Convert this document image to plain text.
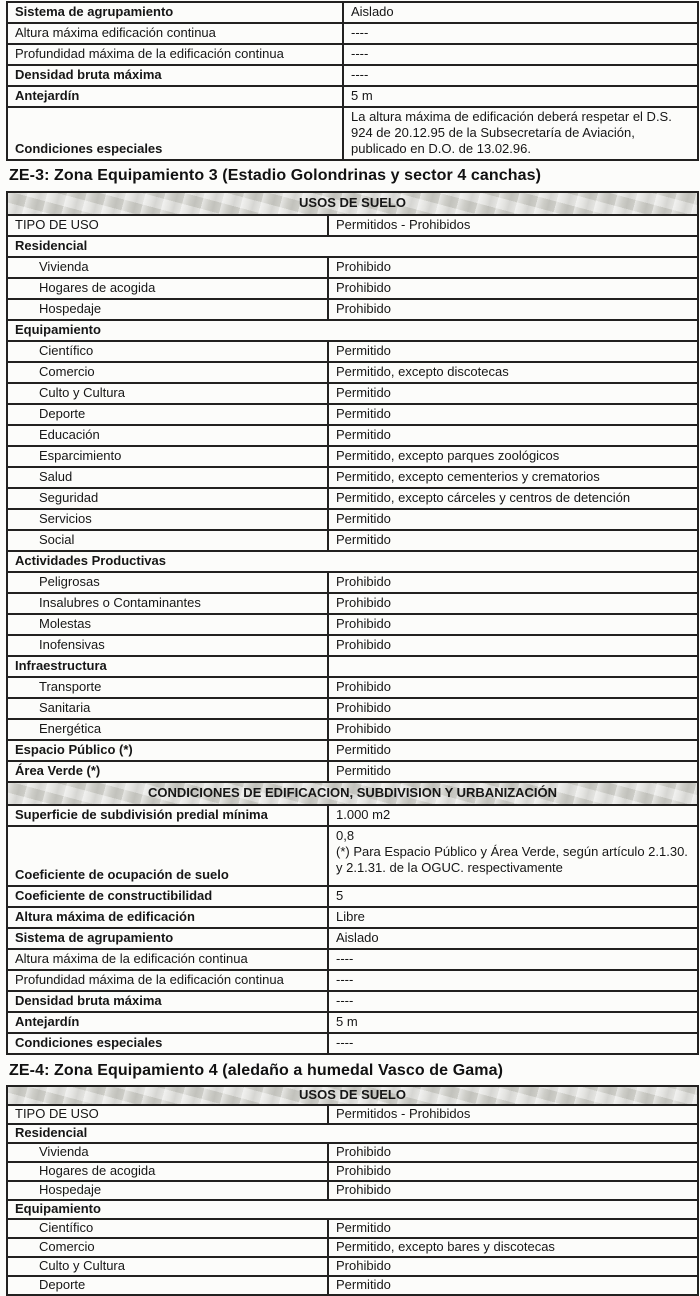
Sistema de agrupamiento	Aislado
Altura máxima edificación continua	----
Profundidad máxima de la edificación continua	----
Densidad bruta máxima	----
Antejardín	5 m
Condiciones especiales	La altura máxima de edificación deberá respetar el D.S. 924 de 20.12.95 de la Subsecretaría de Aviación, publicado en D.O. de 13.02.96.
ZE-3: Zona Equipamiento 3 (Estadio Golondrinas y sector 4 canchas)
USOS DE SUELO	
TIPO DE USO	Permitidos - Prohibidos
Residencial	
Vivienda	Prohibido
Hogares de acogida	Prohibido
Hospedaje	Prohibido
Equipamiento	
Científico	Permitido
Comercio	Permitido, excepto discotecas
Culto y Cultura	Permitido
Deporte	Permitido
Educación	Permitido
Esparcimiento	Permitido, excepto parques zoológicos
Salud	Permitido, excepto cementerios y crematorios
Seguridad	Permitido, excepto cárceles y centros de detención
Servicios	Permitido
Social	Permitido
Actividades Productivas	
Peligrosas	Prohibido
Insalubres o Contaminantes	Prohibido
Molestas	Prohibido
Inofensivas	Prohibido
Infraestructura	
Transporte	Prohibido
Sanitaria	Prohibido
Energética	Prohibido
Espacio Público (*)	Permitido
Área Verde (*)	Permitido
CONDICIONES DE EDIFICACION, SUBDIVISION Y URBANIZACIÓN	
Superficie de subdivisión predial mínima	1.000 m2
Coeficiente de ocupación de suelo	0,8
(*) Para Espacio Público y Área Verde, según artículo 2.1.30. y 2.1.31. de la OGUC. respectivamente

Coeficiente de constructibilidad	5
Altura máxima de edificación	Libre
Sistema de agrupamiento	Aislado
Altura máxima de la edificación continua	----
Profundidad máxima de la edificación continua	----
Densidad bruta máxima	----
Antejardín	5 m
Condiciones especiales	----
ZE-4: Zona Equipamiento 4 (aledaño a humedal Vasco de Gama)
USOS DE SUELO	
TIPO DE USO	Permitidos - Prohibidos
Residencial	
Vivienda	Prohibido
Hogares de acogida	Prohibido
Hospedaje	Prohibido
Equipamiento	
Científico	Permitido
Comercio	Permitido, excepto bares y discotecas
Culto y Cultura	Prohibido
Deporte	Permitido
